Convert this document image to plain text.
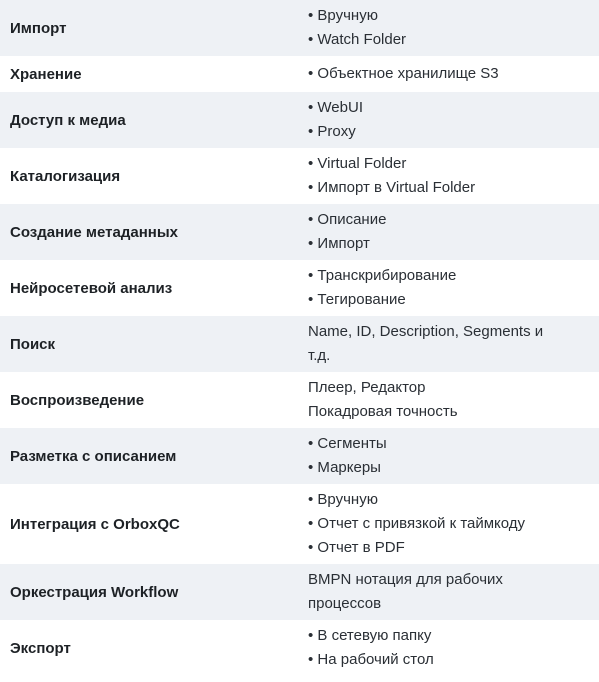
Импорт	• Вручную
• Watch Folder

Хранение	• Объектное хранилище S3

Доступ к медиа	• WebUI
• Proxy

Каталогизация	• Virtual Folder
• Импорт в Virtual Folder

Создание метаданных	• Описание
• Импорт

Нейросетевой анализ	• Транскрибирование
• Тегирование

Поиск	Name, ID, Description, Segments и
т.д.

Воспроизведение	Плеер, Редактор
Покадровая точность

Разметка с описанием	• Сегменты
• Маркеры

Интеграция с OrboxQC	• Вручную
• Отчет с привязкой к таймкоду
• Отчет в PDF

Оркестрация Workflow	BMPN нотация для рабочих
процессов

Экспорт	• В сетевую папку
• На рабочий стол
